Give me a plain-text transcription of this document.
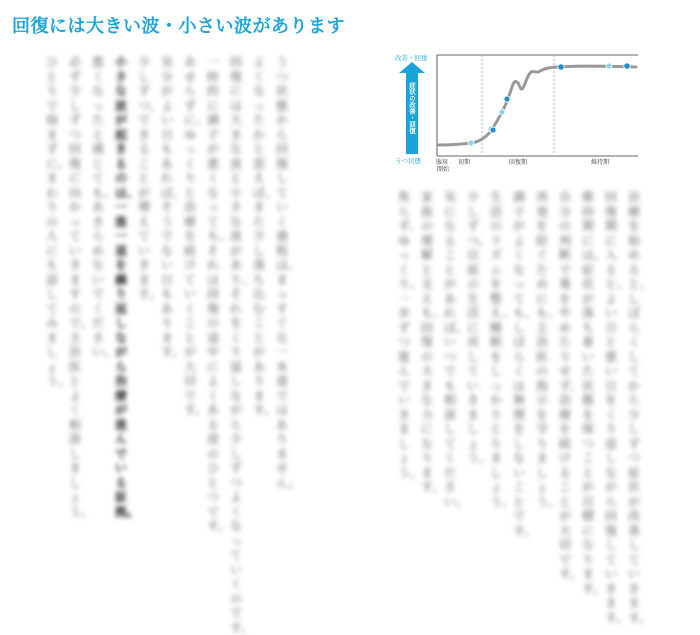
回復には大きい波・小さい波があります
うつ状態から回復していく過程は、まっすぐな一本道ではありません。
よくなったかと思えば、また少し落ち込むことがあります。
回復には大きな波と小さな波があり、それをくり返しながら少しずつよくなっていくのです。
一時的に調子が悪くなっても、それは回復の途中によくある波のひとつです。
あせらずに、ゆっくりと治療を続けていくことが大切です。
気分がよい日もあれば、そうでない日もあります。
少しずつ、できることが増えていきます。
小さな波が起きるのは、一進一退を繰り返しながら治療が進んでいる証拠。
悪くなったと感じても、あきらめないでください。
必ず少しずつ回復に向かっていきますので、主治医とよく相談しましょう。
ひとりで悩まずに、まわりの人にも話してみましょう。
治療を始めると、しばらくしてから少しずつ症状が改善していきます。
回復期に入ると、よい日と悪い日をくり返しながら回復していきます。
維持期には、症状が落ち着いた状態を保つことが目標になります。
自分の判断で薬をやめたりせず、治療を続けることが大切です。
再発を防ぐためにも、主治医の指示を守りましょう。
調子がよくなっても、しばらくは無理をしないことです。
生活のリズムを整え、睡眠をしっかりとりましょう。
少しずつ、以前の生活に戻していきましょう。
気になることがあれば、いつでも相談してください。
家族の理解と支えも、回復の大きな力になります。
焦らず、ゆっくり、一歩ずつ進んでいきましょう。
改善・回復
症状の改善・回復
うつ状態	服用 開始
初期	回復期	維持期
